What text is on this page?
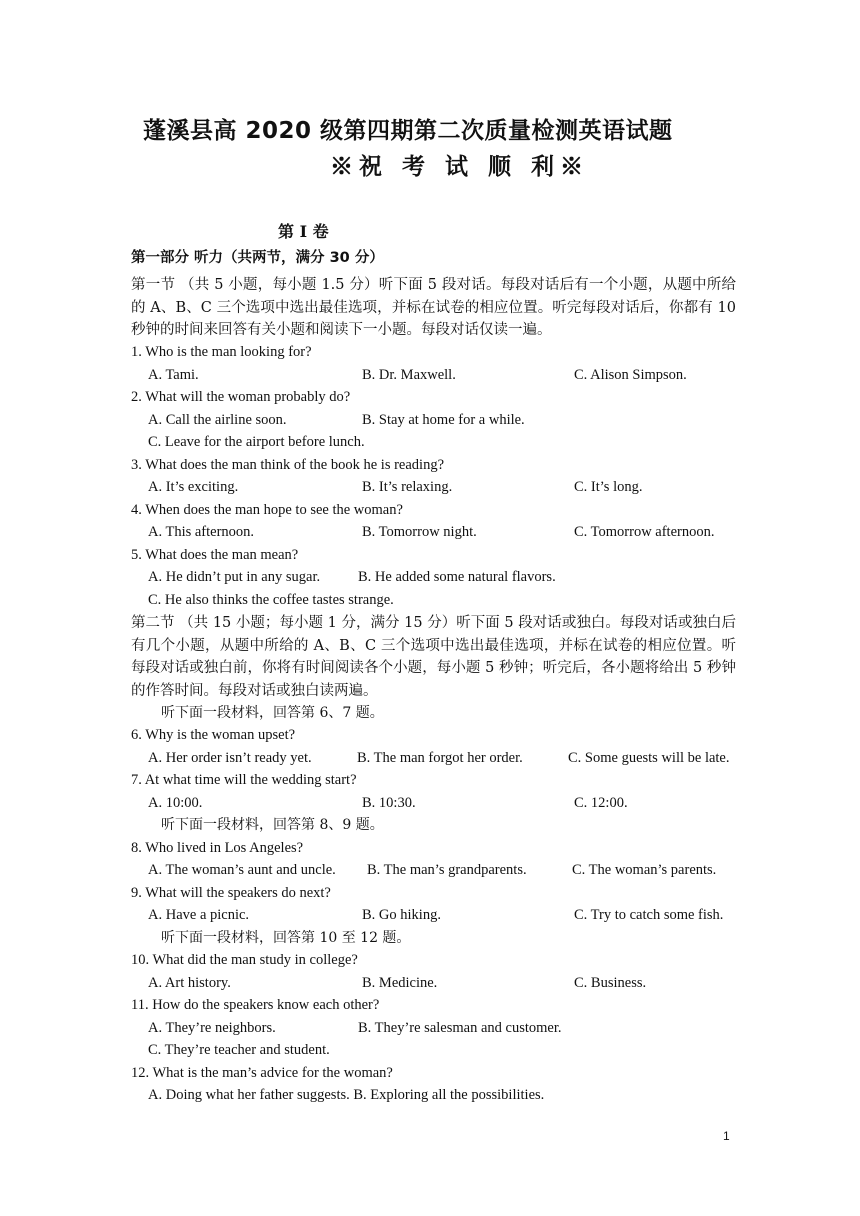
蓬溪县高 2020 级第四期第二次质量检测英语试题
※祝 考 试 顺 利※
第 I 卷
第一部分 听力（共两节，满分 30 分）
第一节 （共 5 小题，每小题 1.5 分）听下面 5 段对话。每段对话后有一个小题，从题中所给的 A、B、C 三个选项中选出最佳选项，并标在试卷的相应位置。听完每段对话后，你都有 10 秒钟的时间来回答有关小题和阅读下一小题。每段对话仅读一遍。
1. Who is the man looking for?
A. Tami.	B. Dr. Maxwell.	C. Alison Simpson.
2. What will the woman probably do?
A. Call the airline soon.	B. Stay at home for a while.
C. Leave for the airport before lunch.
3. What does the man think of the book he is reading?
A. It’s exciting.	B. It’s relaxing.	C. It’s long.
4. When does the man hope to see the woman?
A. This afternoon.	B. Tomorrow night.	C. Tomorrow afternoon.
5. What does the man mean?
A. He didn’t put in any sugar.	B. He added some natural flavors.
C. He also thinks the coffee tastes strange.
第二节 （共 15 小题；每小题 1 分，满分 15 分）听下面 5 段对话或独白。每段对话或独白后有几个小题，从题中所给的 A、B、C 三个选项中选出最佳选项，并标在试卷的相应位置。听每段对话或独白前，你将有时间阅读各个小题，每小题 5 秒钟；听完后，各小题将给出 5 秒钟的作答时间。每段对话或独白读两遍。
听下面一段材料，回答第 6、7 题。
6. Why is the woman upset?
A. Her order isn’t ready yet.	B. The man forgot her order.	C. Some guests will be late.
7. At what time will the wedding start?
A. 10:00.	B. 10:30.	C. 12:00.
听下面一段材料，回答第 8、9 题。
8. Who lived in Los Angeles?
A. The woman’s aunt and uncle. B. The man’s grandparents.	C. The woman’s parents.
9. What will the speakers do next?
A. Have a picnic.	B. Go hiking.	C. Try to catch some fish.
听下面一段材料，回答第 10 至 12 题。
10. What did the man study in college?
A. Art history.	B. Medicine.	C. Business.
11. How do the speakers know each other?
A. They’re neighbors.	B. They’re salesman and customer.
C. They’re teacher and student.
12. What is the man’s advice for the woman?
A. Doing what her father suggests. B. Exploring all the possibilities.
1
